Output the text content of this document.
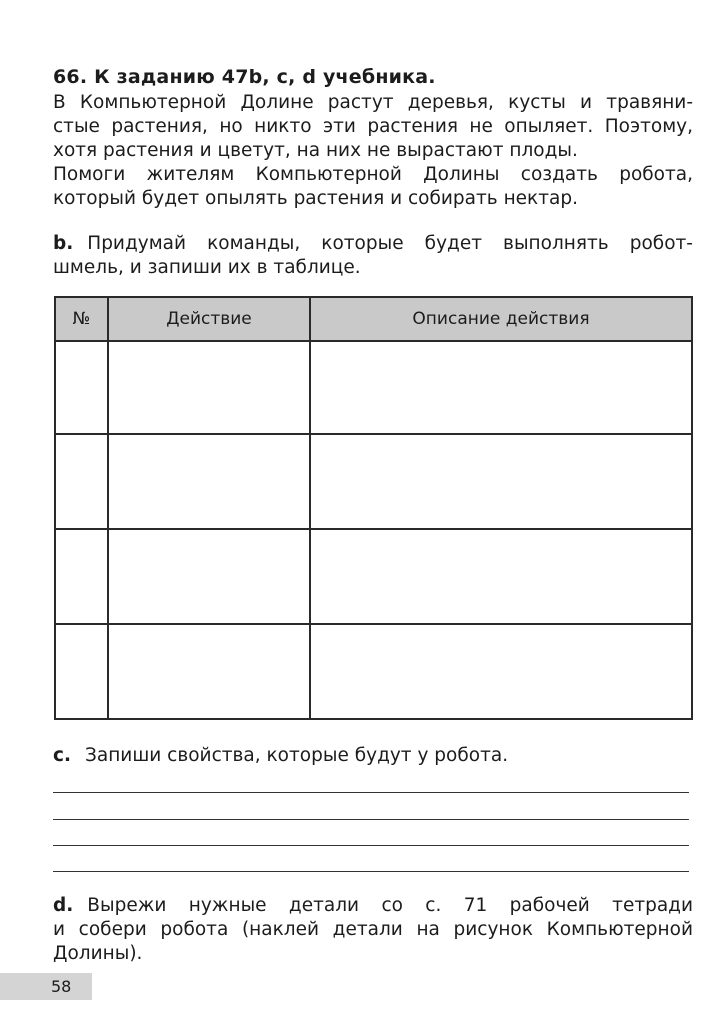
66. К заданию 47b, c, d учебника.

В Компьютерной Долине растут деревья, кусты и травяни-
стые растения, но никто эти растения не опыляет. Поэтому,
хотя растения и цветут, на них не вырастают плоды.
Помоги жителям Компьютерной Долины создать робота,
который будет опылять растения и собирать нектар.

b. Придумай команды, которые будет выполнять робот-
шмель, и запиши их в таблице.

№	Действие	Описание действия

c. Запиши свойства, которые будут у робота.

d. Вырежи нужные детали со с. 71 рабочей тетради
и собери робота (наклей детали на рисунок Компьютерной
Долины).

58
